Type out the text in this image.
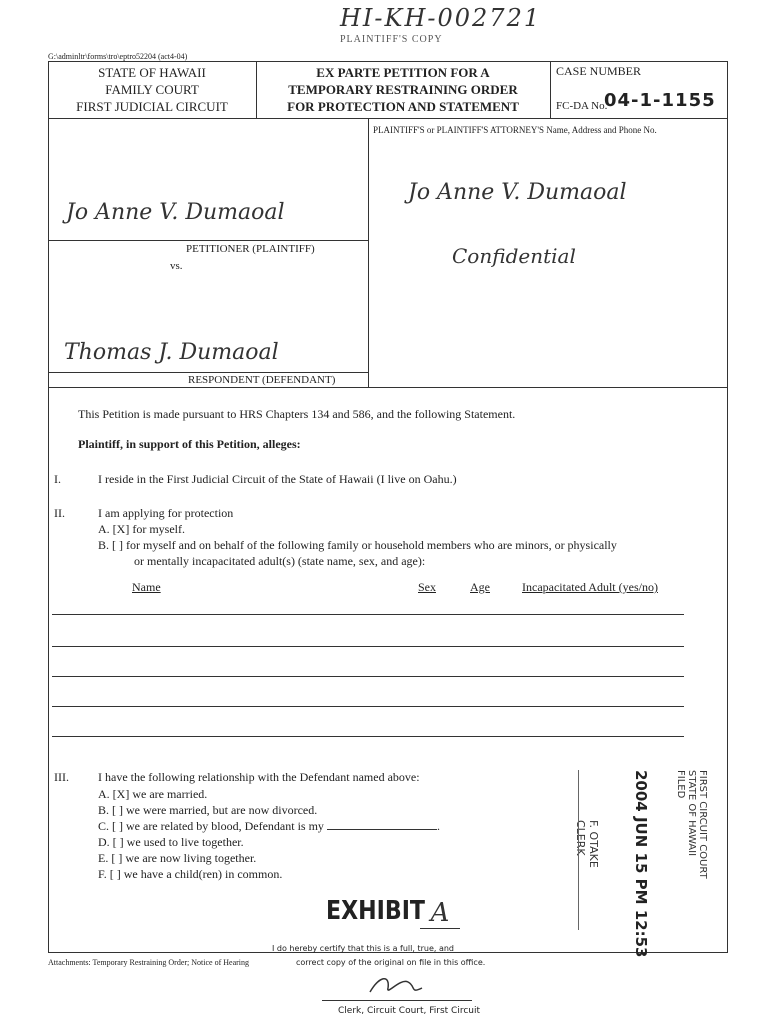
HI-KH-002721
PLAINTIFF'S COPY
G:\adminltr\forms\tro\eptro52204 (act4-04)
STATE OF HAWAII
FAMILY COURT
FIRST JUDICIAL CIRCUIT
EX PARTE PETITION FOR A
TEMPORARY RESTRAINING ORDER
FOR PROTECTION AND STATEMENT
CASE NUMBER
FC-DA No.
04-1-1155
PLAINTIFF'S or PLAINTIFF'S ATTORNEY'S Name, Address and Phone No.
Jo Anne V. Dumaoal
Confidential
Jo Anne V. Dumaoal
PETITIONER (PLAINTIFF)
vs.
Thomas J. Dumaoal
RESPONDENT (DEFENDANT)
This Petition is made pursuant to HRS Chapters 134 and 586, and the following Statement.
Plaintiff, in support of this Petition, alleges:
I.	I reside in the First Judicial Circuit of the State of Hawaii (I live on Oahu.)
II.	I am applying for protection
A. [X] for myself.
B. [ ] for myself and on behalf of the following family or household members who are minors, or physically
or mentally incapacitated adult(s) (state name, sex, and age):
Name	Sex	Age	Incapacitated Adult (yes/no)
III. I have the following relationship with the Defendant named above:
A. [X] we are married.
B. [ ] we were married, but are now divorced.
C. [ ] we are related by blood, Defendant is my	.
D. [ ] we used to live together.
E. [ ] we are now living together.
F. [ ] we have a child(ren) in common.	FIRST CIRCUIT COURT
STATE OF HAWAII
FILED
2004 JUN 15 PM 12:53
F. OTAKE
CLERK
EXHIBIT A
I do hereby certify that this is a full, true, and
Attachments: Temporary Restraining Order; Notice of Hearing	correct copy of the original on file in this office.
Clerk, Circuit Court, First Circuit
